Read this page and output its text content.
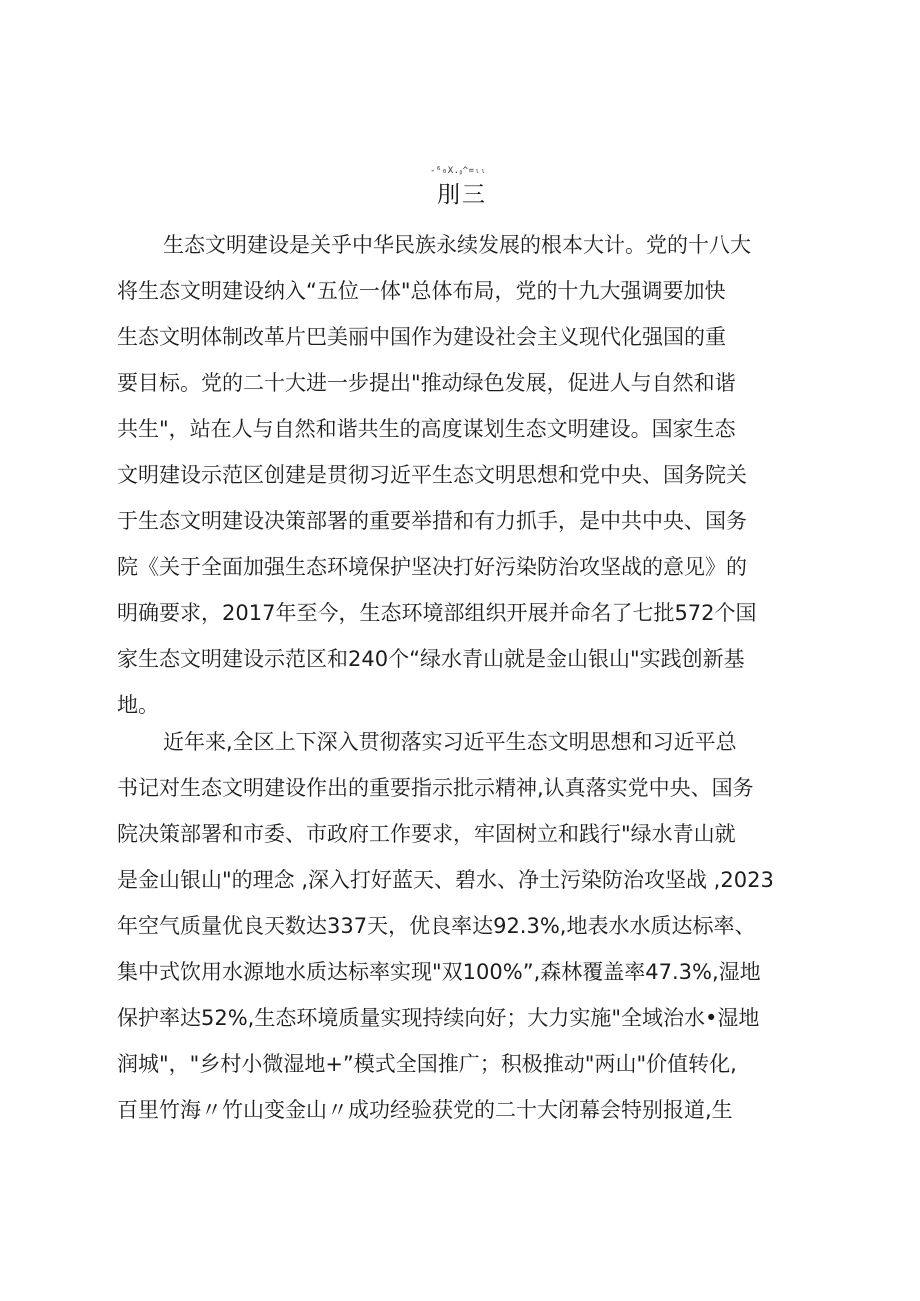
-⁶₀X.ᵦ^=ₗₗ
刖三
生态文明建设是关乎中华民族永续发展的根本大计。党的十八大
将生态文明建设纳入“五位一体"总体布局，党的十九大强调要加快
生态文明体制改革片巴美丽中国作为建设社会主义现代化强国的重
要目标。党的二十大进一步提出"推动绿色发展，促进人与自然和谐
共生"，站在人与自然和谐共生的高度谋划生态文明建设。国家生态
文明建设示范区创建是贯彻习近平生态文明思想和党中央、国务院关
于生态文明建设决策部署的重要举措和有力抓手，是中共中央、国务
院《关于全面加强生态环境保护坚决打好污染防治攻坚战的意见》的
明确要求，2017年至今，生态环境部组织开展并命名了七批572个国
家生态文明建设示范区和240个“绿水青山就是金山银山"实践创新基
地。
近年来,全区上下深入贯彻落实习近平生态文明思想和习近平总
书记对生态文明建设作出的重要指示批示精神,认真落实党中央、国务
院决策部署和市委、市政府工作要求，牢固树立和践行"绿水青山就
是金山银山"的理念 ,深入打好蓝天、碧水、净土污染防治攻坚战 ,2023
年空气质量优良天数达337天，优良率达92.3%,地表水水质达标率、
集中式饮用水源地水质达标率实现"双100%”,森林覆盖率47.3%,湿地
保护率达52%,生态环境质量实现持续向好；大力实施"全域治水•湿地
润城"，"乡村小微湿地+”模式全国推广；积极推动"两山"价值转化,
百里竹海〃竹山变金山〃成功经验获党的二十大闭幕会特别报道,生
